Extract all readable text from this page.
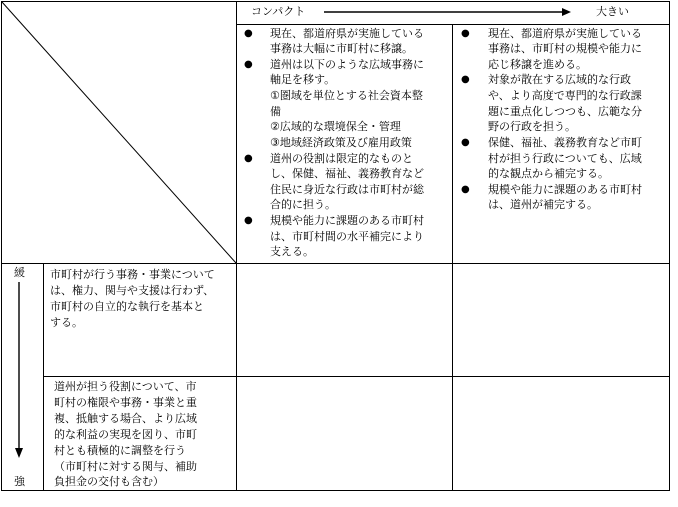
コンパクト	大きい
緩
強
●
●
●
●
現在、都道府県が実施している
事務は大幅に市町村に移譲。
道州は以下のような広域事務に
軸足を移す。
①圏域を単位とする社会資本整
備
②広域的な環境保全・管理
③地域経済政策及び雇用政策
道州の役割は限定的なものと
し、保健、福祉、義務教育など
住民に身近な行政は市町村が総
合的に担う。
規模や能力に課題のある市町村
は、市町村間の水平補完により
支える。
●
●
●
●
現在、都道府県が実施している
事務は、市町村の規模や能力に
応じ移譲を進める。
対象が散在する広域的な行政
や、より高度で専門的な行政課
題に重点化しつつも、広範な分
野の行政を担う。
保健、福祉、義務教育など市町
村が担う行政についても、広域
的な観点から補完する。
規模や能力に課題のある市町村
は、道州が補完する。
市町村が行う事務・事業について
は、権力、関与や支援は行わず、
市町村の自立的な執行を基本と
する。
道州が担う役割について、市
町村の権限や事務・事業と重
複、抵触する場合、より広域
的な利益の実現を図り、市町
村とも積極的に調整を行う
（市町村に対する関与、補助
負担金の交付も含む）
